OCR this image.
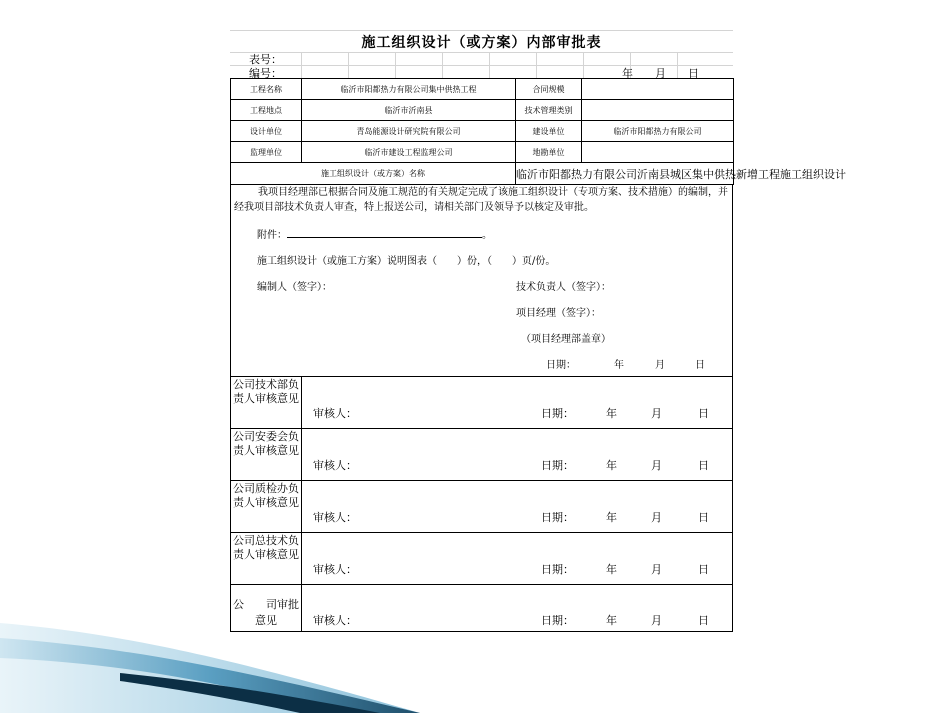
施工组织设计（或方案）内部审批表
表号：
编号：	年　　月　　日
工程名称	临沂市阳都热力有限公司集中供热工程	合同规模	
工程地点	临沂市沂南县	技术管理类别	
设计单位	青岛能源设计研究院有限公司	建设单位	临沂市阳都热力有限公司
监理单位	临沂市建设工程监理公司	地勘单位	
施工组织设计（或方案）名称		临沂市阳都热力有限公司沂南县城区集中供热新增工程施工组织设计	
我项目经理部已根据合同及施工规范的有关规定完成了该施工组织设计（专项方案、技术措施）的编制，并经我项目部技术负责人审查，特上报送公司，请相关部门及领导予以核定及审批。
附件：	。
施工组织设计（或施工方案）说明图表（　　）份，（　　）页/份。
编制人（签字）：	技术负责人（签字）：
项目经理（签字）：
（项目经理部盖章）
日期：	年	月	日
公司技术部负责人审核意见
审核人：	日期：	年	月	日
公司安委会负责人审核意见
审核人：	日期：	年	月	日
公司质检办负责人审核意见
审核人：	日期：	年	月	日
公司总技术负责人审核意见
审核人：	日期：	年	月	日
公　　司审批意见	审核人：	日期：	年	月	日
